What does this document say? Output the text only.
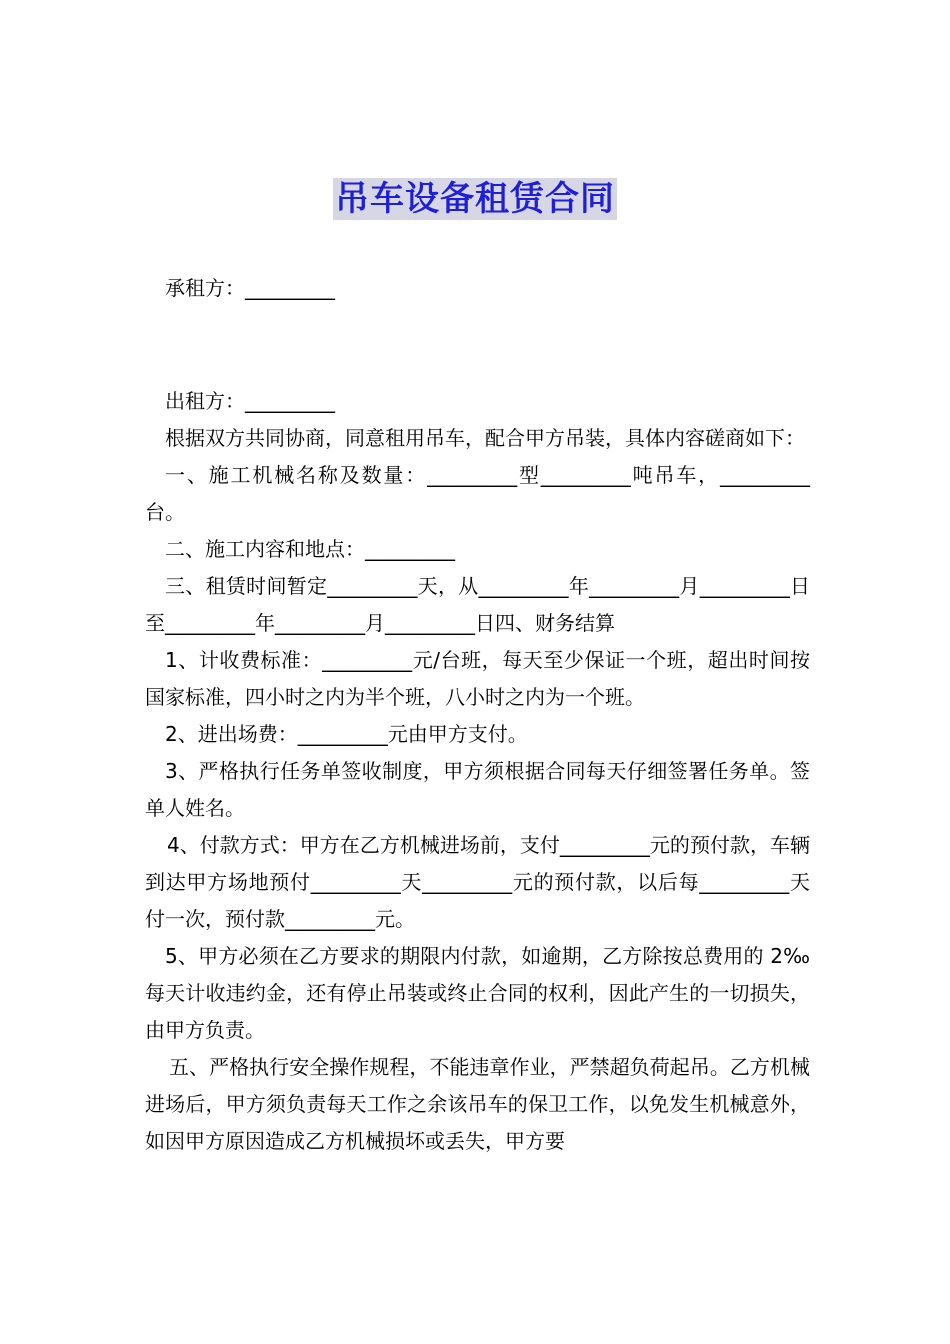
吊车设备租赁合同

承租方：_________

出租方：_________

根据双方共同协商，同意租用吊车，配合甲方吊装，具体内容磋商如下：

一、施工机械名称及数量：_________型_________吨吊车，_________台。

二、施工内容和地点：_________

三、租赁时间暂定_________天，从_________年_________月_________日至_________年_________月_________日四、财务结算

1、计收费标准：_________元/台班，每天至少保证一个班，超出时间按国家标准，四小时之内为半个班，八小时之内为一个班。

2、进出场费：_________元由甲方支付。

3、严格执行任务单签收制度，甲方须根据合同每天仔细签署任务单。签单人姓名。

4、付款方式：甲方在乙方机械进场前，支付_________元的预付款，车辆到达甲方场地预付_________天_________元的预付款，以后每_________天付一次，预付款_________元。

5、甲方必须在乙方要求的期限内付款，如逾期，乙方除按总费用的 2‰每天计收违约金，还有停止吊装或终止合同的权利，因此产生的一切损失，由甲方负责。

五、严格执行安全操作规程，不能违章作业，严禁超负荷起吊。乙方机械进场后，甲方须负责每天工作之余该吊车的保卫工作，以免发生机械意外，如因甲方原因造成乙方机械损坏或丢失，甲方要
